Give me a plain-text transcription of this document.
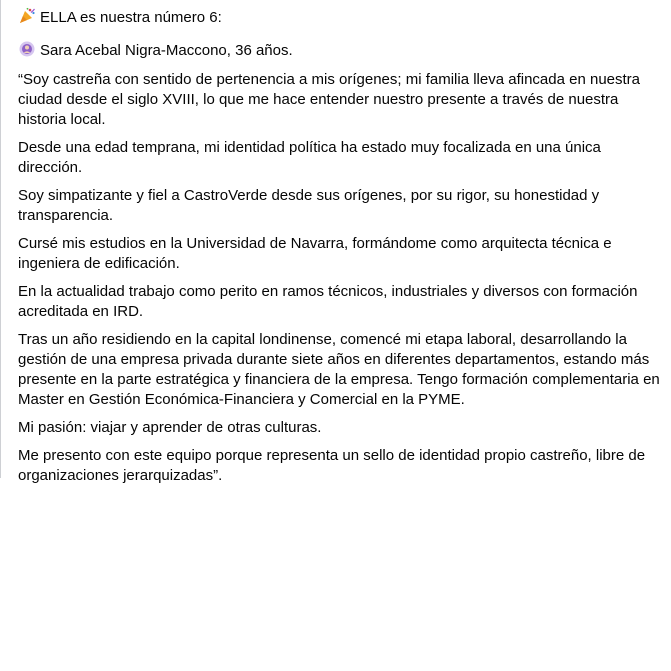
ELLA es nuestra número 6:
Sara Acebal Nigra-Maccono, 36 años.
“Soy castreña con sentido de pertenencia a mis orígenes; mi familia lleva afincada en nuestra ciudad desde el siglo XVIII, lo que me hace entender nuestro presente a través de nuestra historia local.
Desde una edad temprana, mi identidad política ha estado muy focalizada en una única dirección.
Soy simpatizante y fiel a CastroVerde desde sus orígenes, por su rigor, su honestidad y transparencia.
Cursé mis estudios en la Universidad de Navarra, formándome como arquitecta técnica e ingeniera de edificación.
En la actualidad trabajo como perito en ramos técnicos, industriales y diversos con formación acreditada en IRD.
Tras un año residiendo en la capital londinense, comencé mi etapa laboral, desarrollando la gestión de una empresa privada durante siete años en diferentes departamentos, estando más presente en la parte estratégica y financiera de la empresa. Tengo formación complementaria en Master en Gestión Económica-Financiera y Comercial en la PYME.
Mi pasión: viajar y aprender de otras culturas.
Me presento con este equipo porque representa un sello de identidad propio castreño, libre de organizaciones jerarquizadas”.
